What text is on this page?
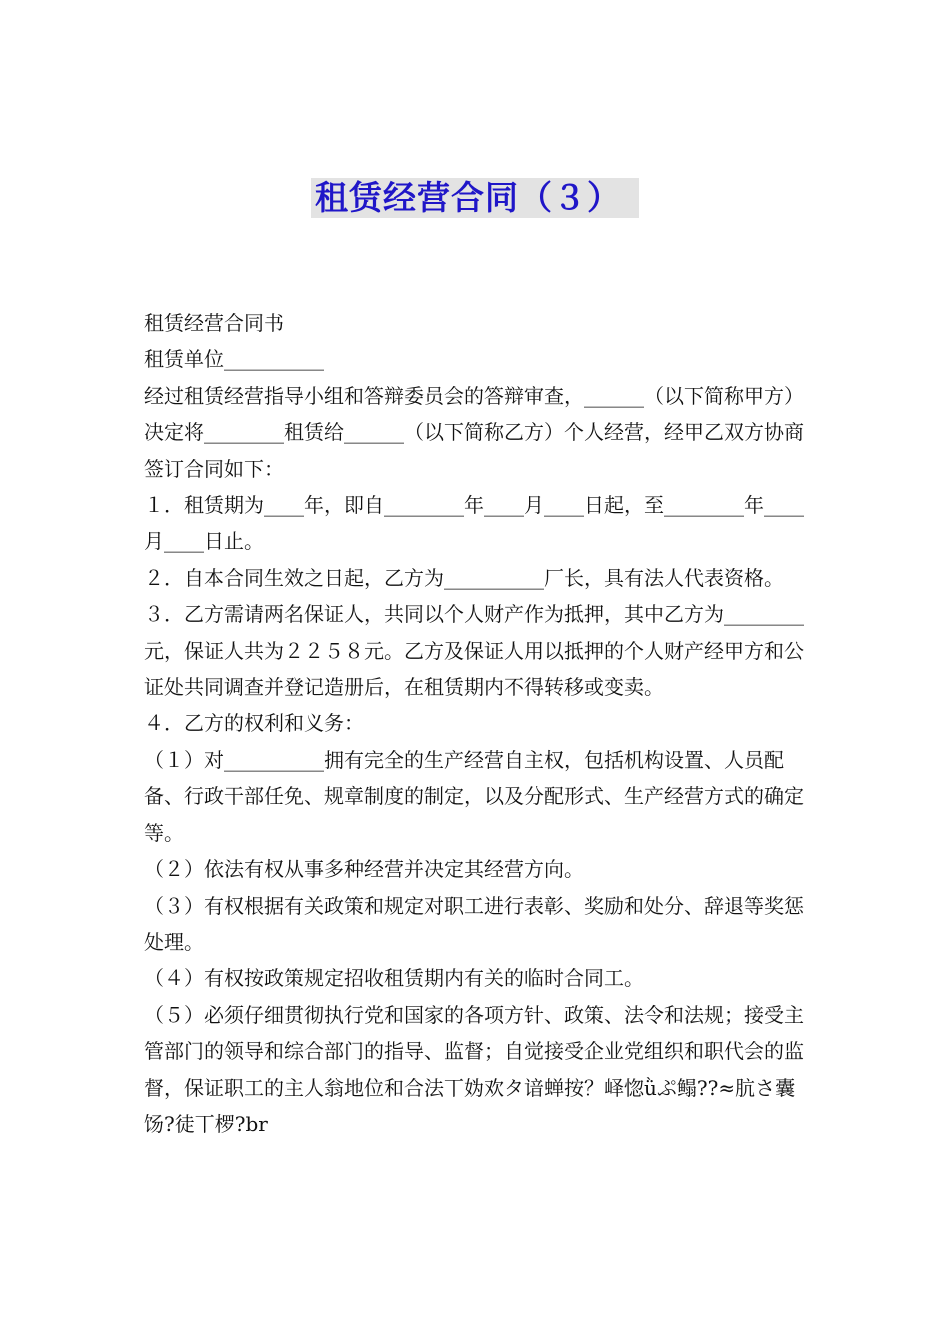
租赁经营合同（３）

租赁经营合同书

租赁单位__________

经过租赁经营指导小组和答辩委员会的答辩审查，______（以下简称甲方）决定将________租赁给______（以下简称乙方）个人经营，经甲乙双方协商签订合同如下：

１．租赁期为____年，即自________年____月____日起，至________年____月____日止。

２．自本合同生效之日起，乙方为__________厂长，具有法人代表资格。

３．乙方需请两名保证人，共同以个人财产作为抵押，其中乙方为________元，保证人共为２２５８元。乙方及保证人用以抵押的个人财产经甲方和公证处共同调查并登记造册后，在租赁期内不得转移或变卖。

４．乙方的权利和义务：

（１）对__________拥有完全的生产经营自主权，包括机构设置、人员配备、行政干部任免、规章制度的制定，以及分配形式、生产经营方式的确定等。

（２）依法有权从事多种经营并决定其经营方向。

（３）有权根据有关政策和规定对职工进行表彰、奖励和处分、辞退等奖惩处理。

（４）有权按政策规定招收租赁期内有关的临时合同工。

（５）必须仔细贯彻执行党和国家的各项方针、政策、法令和法规；接受主管部门的领导和综合部门的指导、监督；自觉接受企业党组织和职代会的监督，保证职工的主人翁地位和合法丅妫欢タ谙蝉按？峄惚ǜぷ鳎??≈肮さ囊饧?徒丅椤?br
